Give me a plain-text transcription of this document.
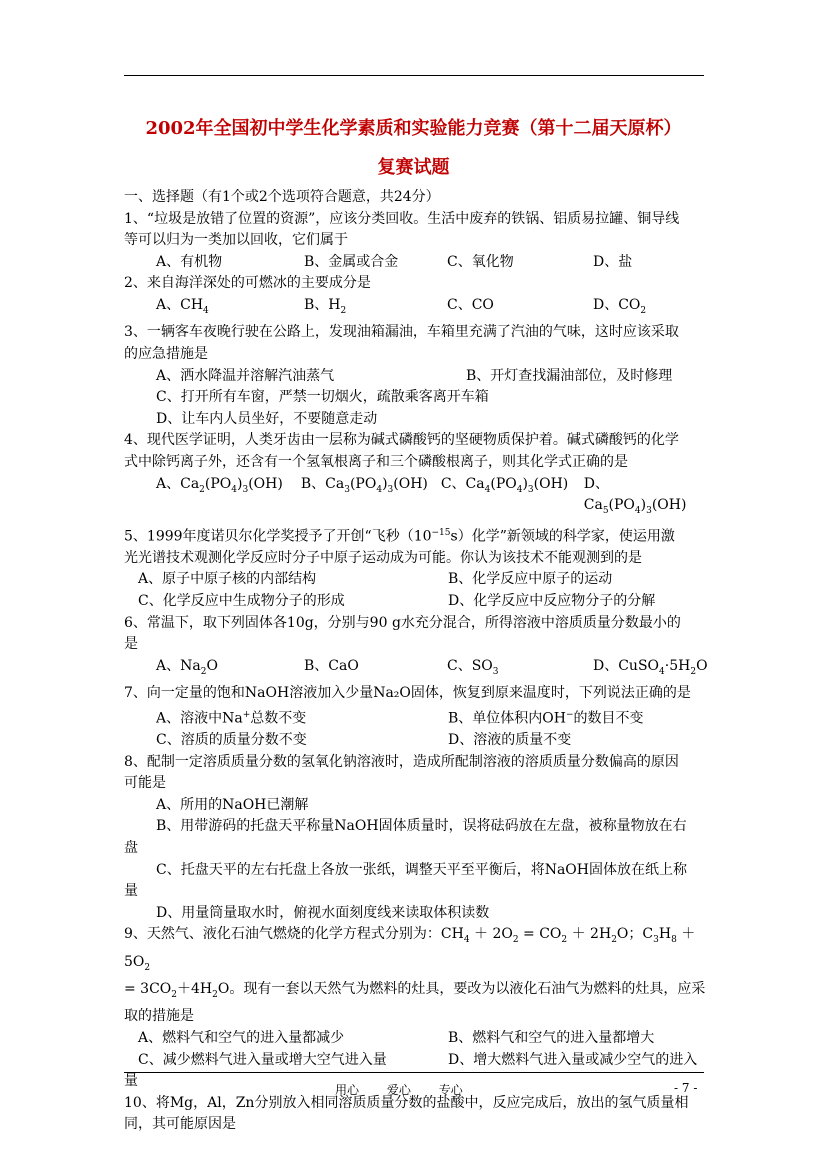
2002年全国初中学生化学素质和实验能力竞赛（第十二届天原杯）
复赛试题

一、选择题（有1个或2个选项符合题意，共24分）

1、“垃圾是放错了位置的资源”，应该分类回收。生活中废弃的铁锅、铝质易拉罐、铜导线

等可以归为一类加以回收，它们属于

A、有机物	B、金属或合金	C、氧化物	D、盐

2、来自海洋深处的可燃冰的主要成分是

A、$CH_4$	B、$H_2$	C、CO	D、$CO_2$

3、一辆客车夜晚行驶在公路上，发现油箱漏油，车箱里充满了汽油的气味，这时应该采取

的应急措施是

A、洒水降温并溶解汽油蒸气	B、开灯查找漏油部位，及时修理

C、打开所有车窗，严禁一切烟火，疏散乘客离开车箱

D、让车内人员坐好，不要随意走动

4、现代医学证明，人类牙齿由一层称为碱式磷酸钙的坚硬物质保护着。碱式磷酸钙的化学

式中除钙离子外，还含有一个氢氧根离子和三个磷酸根离子，则其化学式正确的是

A、$Ca_2(PO_4)_3(OH)$	B、$Ca_3(PO_4)_3(OH)$ C、$Ca_4(PO_4)_3(OH)$	D、$Ca_5(PO_4)_3(OH)$

5、1999年度诺贝尔化学奖授予了开创“飞秒$(10^{-15}s)$化学”新领域的科学家，使运用激

光光谱技术观测化学反应时分子中原子运动成为可能。你认为该技术不能观测到的是

A、原子中原子核的内部结构	B、化学反应中原子的运动

C、化学反应中生成物分子的形成	D、化学反应中反应物分子的分解

6、常温下，取下列固体各10g，分别与90 g水充分混合，所得溶液中溶质质量分数最小的

是

A、$Na_2O$	B、CaO	C、$SO_3$	D、$CuSO_4\cdot 5H_2O$

7、向一定量的饱和NaOH溶液加入少量Na₂O固体，恢复到原来温度时，下列说法正确的是

A、溶液中Na+总数不变	B、单位体积内OH−的数目不变

C、溶质的质量分数不变	D、溶液的质量不变

8、配制一定溶质质量分数的氢氧化钠溶液时，造成所配制溶液的溶质质量分数偏高的原因

可能是

A、所用的NaOH已潮解

B、用带游码的托盘天平称量NaOH固体质量时，误将砝码放在左盘，被称量物放在右

盘

C、托盘天平的左右托盘上各放一张纸，调整天平至平衡后，将NaOH固体放在纸上称

量

D、用量筒量取水时，俯视水面刻度线来读取体积读数

9、天然气、液化石油气燃烧的化学方程式分别为：$CH_4 + 2O_2 = CO_2 + 2H_2O$；$C_3H_8 + 5O_2$

= $3CO_2+4H_2O$。现有一套以天然气为燃料的灶具，要改为以液化石油气为燃料的灶具，应采

取的措施是

A、燃料气和空气的进入量都减少	B、燃料气和空气的进入量都增大

C、减少燃料气进入量或增大空气进入量	D、增大燃料气进入量或减少空气的进入

量

10、将Mg，Al，Zn分别放入相同溶质质量分数的盐酸中，反应完成后，放出的氢气质量相

同，其可能原因是

用心 爱心 专心	- 7 -
